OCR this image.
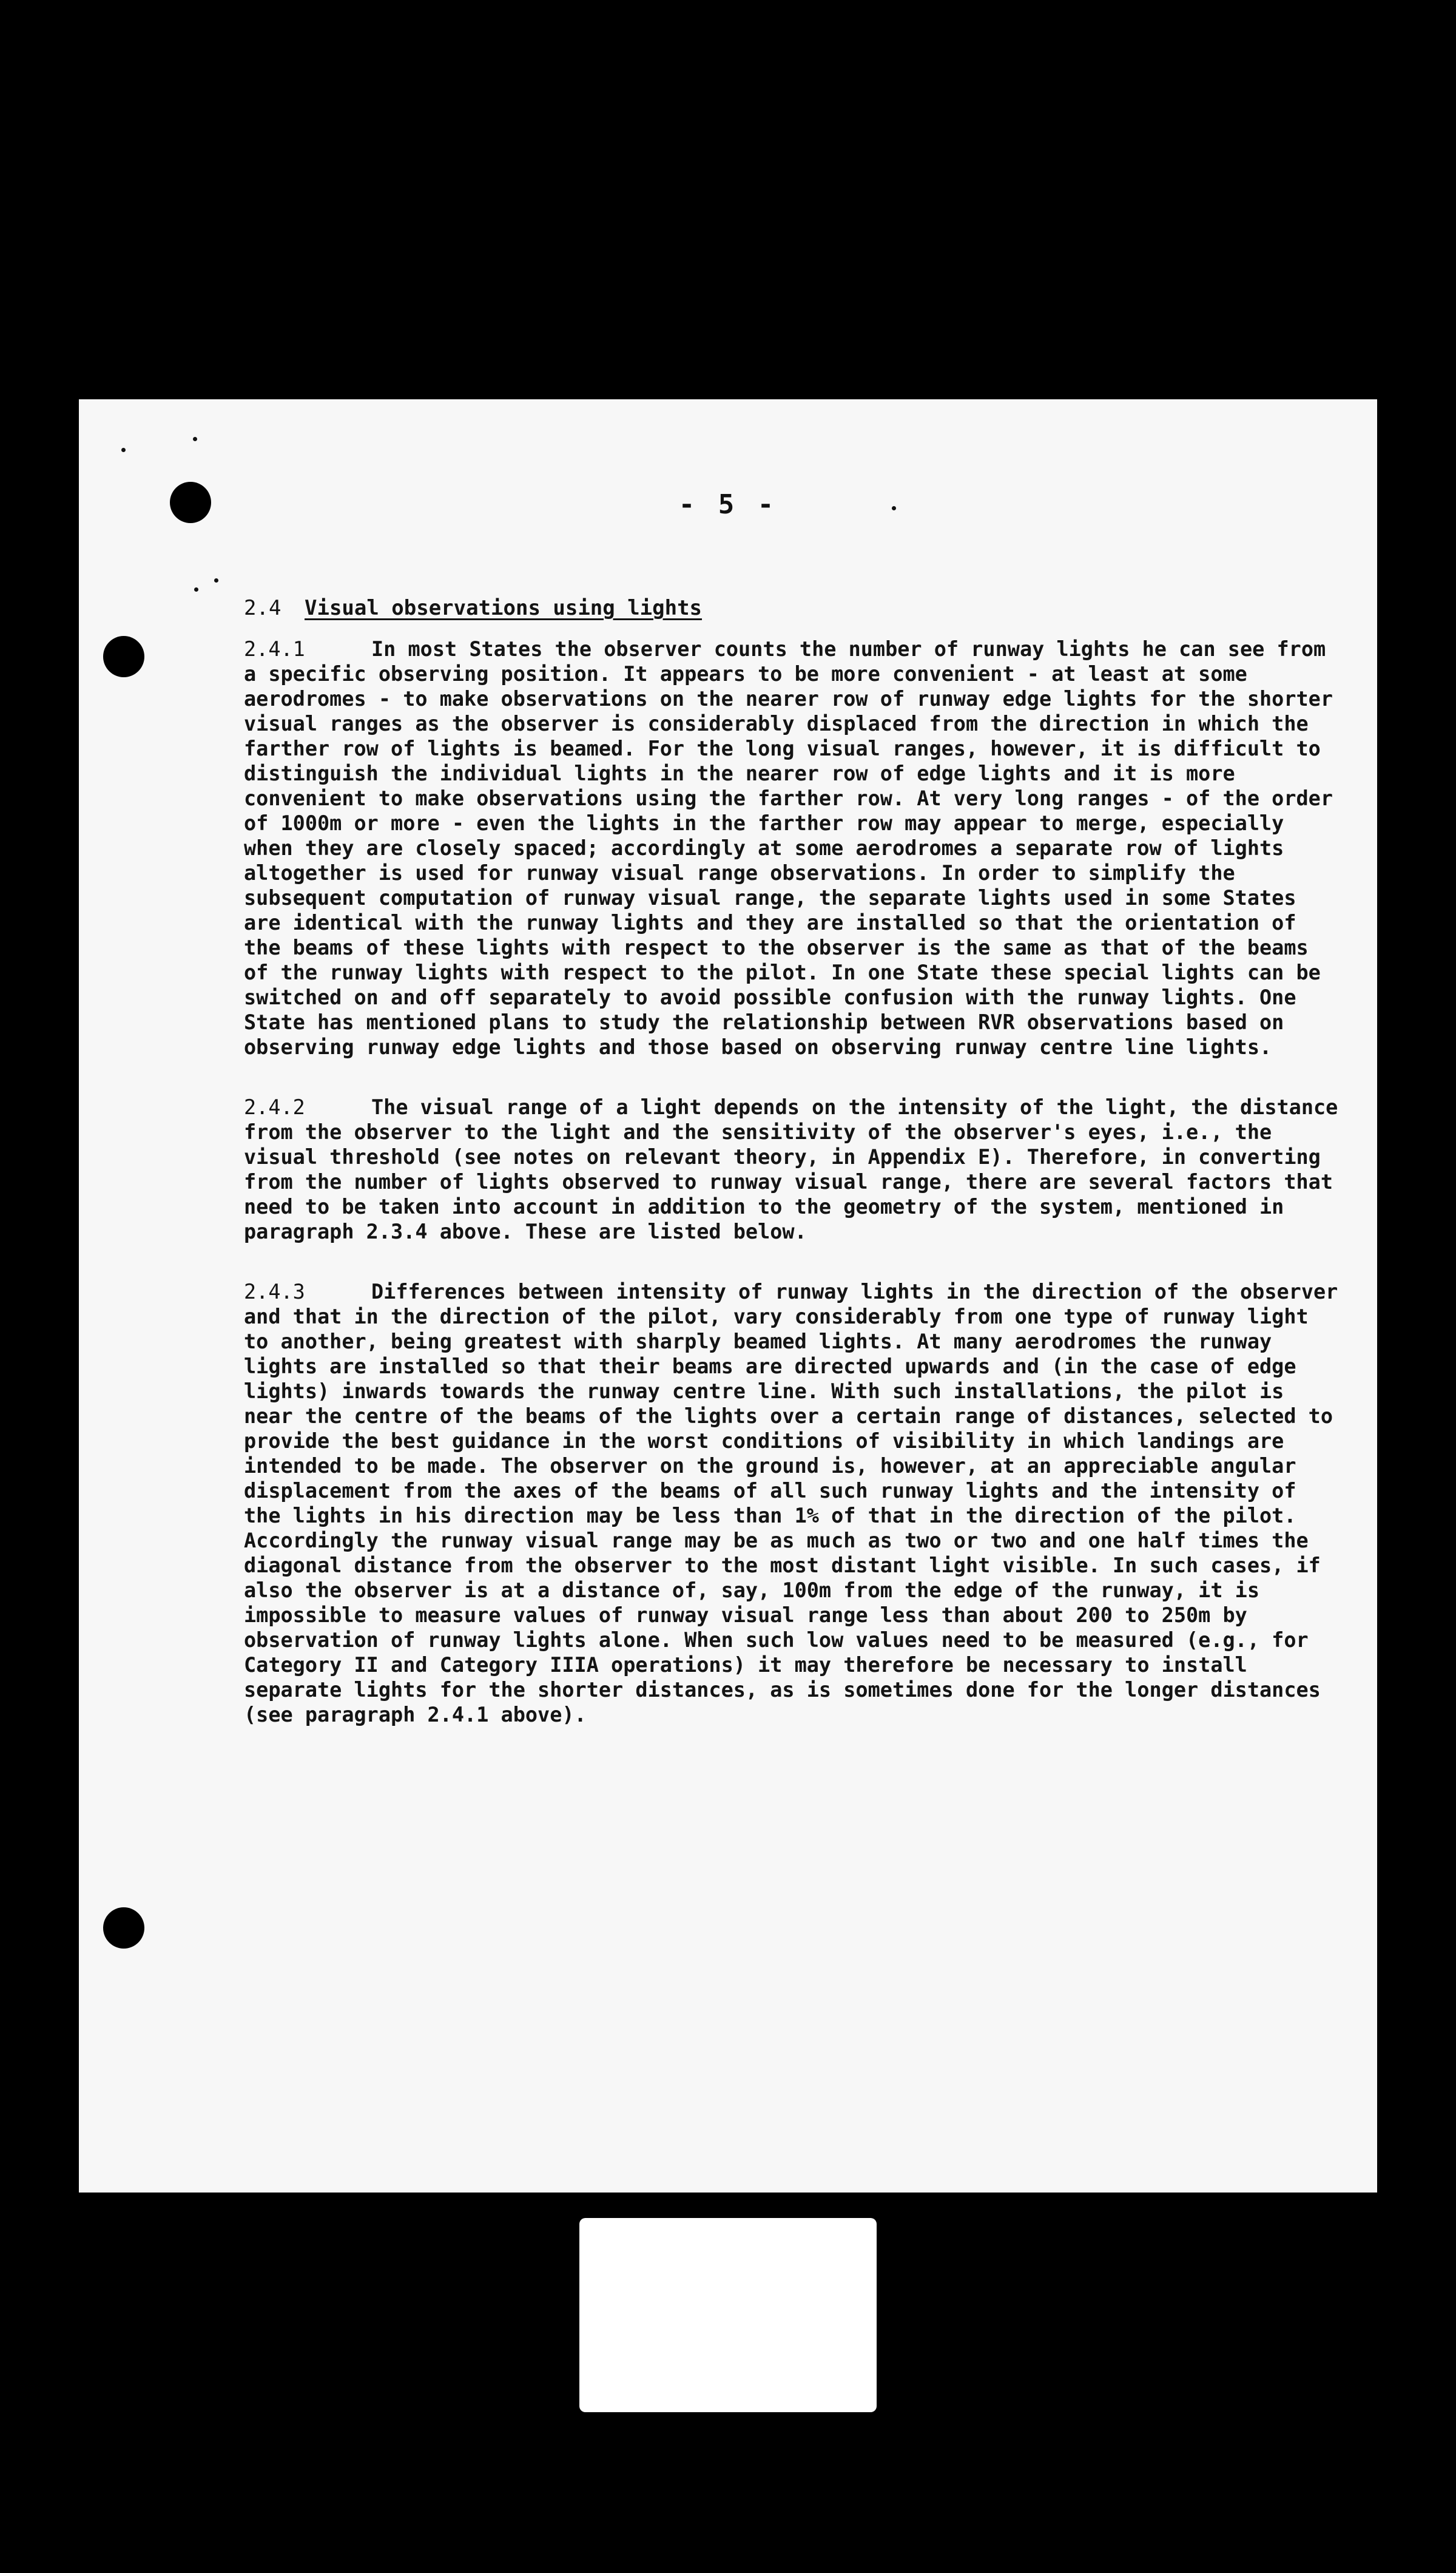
- 5 -
2.4 Visual observations using lights

2.4.1	In most States the observer counts the number of runway lights he can see from a specific observing position. It appears to be more convenient - at least at some aerodromes - to make observations on the nearer row of runway edge lights for the shorter visual ranges as the observer is considerably displaced from the direction in which the farther row of lights is beamed. For the long visual ranges, however, it is difficult to distinguish the individual lights in the nearer row of edge lights and it is more convenient to make observations using the farther row. At very long ranges - of the order of 1000m or more - even the lights in the farther row may appear to merge, especially when they are closely spaced; accordingly at some aerodromes a separate row of lights altogether is used for runway visual range observations. In order to simplify the subsequent computation of runway visual range, the separate lights used in some States are identical with the runway lights and they are installed so that the orientation of the beams of these lights with respect to the observer is the same as that of the beams of the runway lights with respect to the pilot. In one State these special lights can be switched on and off separately to avoid possible confusion with the runway lights. One State has mentioned plans to study the relationship between RVR observations based on observing runway edge lights and those based on observing runway centre line lights.

2.4.2	The visual range of a light depends on the intensity of the light, the distance from the observer to the light and the sensitivity of the observer's eyes, i.e., the visual threshold (see notes on relevant theory, in Appendix E). Therefore, in converting from the number of lights observed to runway visual range, there are several factors that need to be taken into account in addition to the geometry of the system, mentioned in paragraph 2.3.4 above. These are listed below.

2.4.3	Differences between intensity of runway lights in the direction of the observer and that in the direction of the pilot, vary considerably from one type of runway light to another, being greatest with sharply beamed lights. At many aerodromes the runway lights are installed so that their beams are directed upwards and (in the case of edge lights) inwards towards the runway centre line. With such installations, the pilot is near the centre of the beams of the lights over a certain range of distances, selected to provide the best guidance in the worst conditions of visibility in which landings are intended to be made. The observer on the ground is, however, at an appreciable angular displacement from the axes of the beams of all such runway lights and the intensity of the lights in his direction may be less than 1% of that in the direction of the pilot. Accordingly the runway visual range may be as much as two or two and one half times the diagonal distance from the observer to the most distant light visible. In such cases, if also the observer is at a distance of, say, 100m from the edge of the runway, it is impossible to measure values of runway visual range less than about 200 to 250m by observation of runway lights alone. When such low values need to be measured (e.g., for Category II and Category IIIA operations) it may therefore be necessary to install separate lights for the shorter distances, as is sometimes done for the longer distances (see paragraph 2.4.1 above).
